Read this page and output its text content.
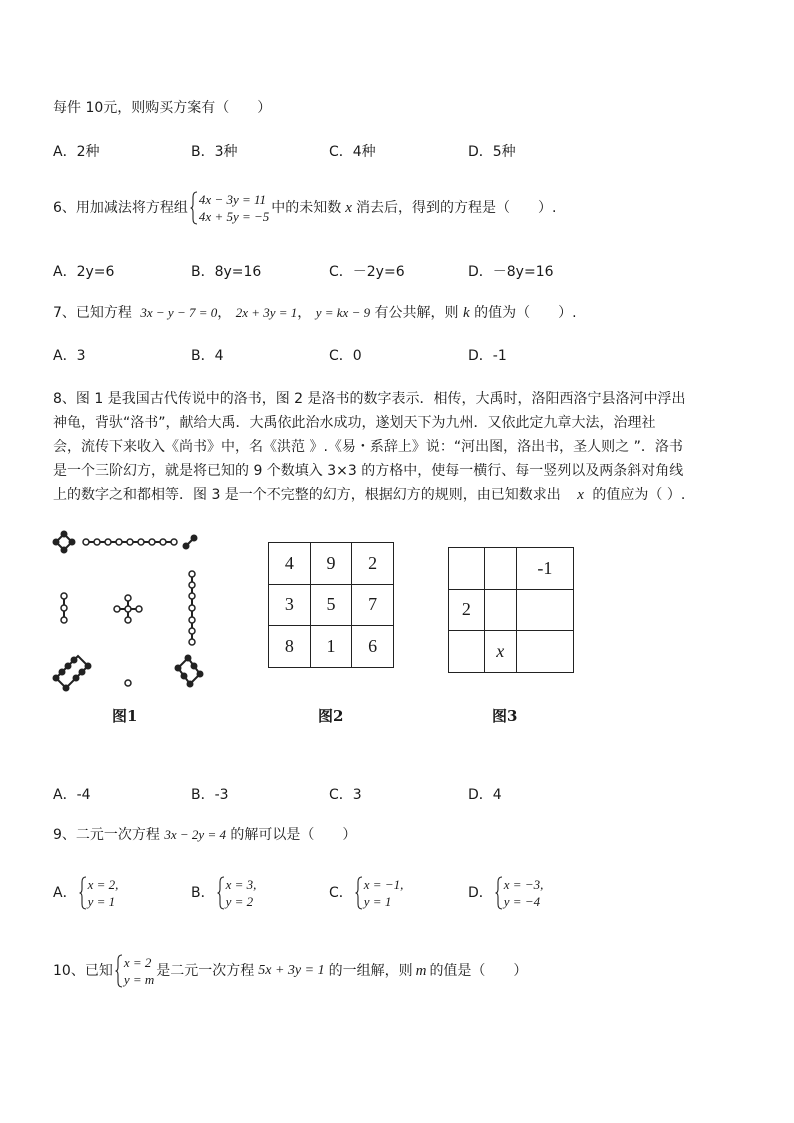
每件 10元，则购买方案有（　　）
A．2种	B．3种	C．4种	D．5种
6、用加减法将方程组
4x − 3y = 11
4x + 5y = −5
中的未知数 x 消去后，得到的方程是（　　）.
A．2y=6	B．8y=16	C．－2y=6	D．－8y=16
7、已知方程 3x − y − 7 = 0， 2x + 3y = 1， y = kx − 9 有公共解，则 k 的值为（　　）.
A．3	B．4	C．0	D．-1
8、图 1 是我国古代传说中的洛书，图 2 是洛书的数字表示．相传，大禹时，洛阳西洛宁县洛河中浮出
神龟，背驮“洛书”，献给大禹．大禹依此治水成功，遂划天下为九州．又依此定九章大法，治理社
会，流传下来收入《尚书》中，名《洪范 》.《易・系辞上》说：“河出图，洛出书，圣人则之 ”．洛书
是一个三阶幻方，就是将已知的 9 个数填入 3×3 的方格中，使每一横行、每一竖列以及两条斜对角线
上的数字之和都相等．图 3 是一个不完整的幻方，根据幻方的规则，由已知数求出 x 的值应为（ ）.
图1
4	9	2
3	5	7
8	1	6
图2
		-1
2		
	x	
图3
A．-4	B．-3	C．3	D．4
9、二元一次方程 3x − 2y = 4 的解可以是（　　）
A．
x = 2,
y = 1
B．
x = 3,
y = 2
C．
x = −1,
y = 1
D．
x = −3,
y = −4
10、已知
x = 2
y = m
是二元一次方程 5x + 3y = 1 的一组解，则 m 的值是（　　）
